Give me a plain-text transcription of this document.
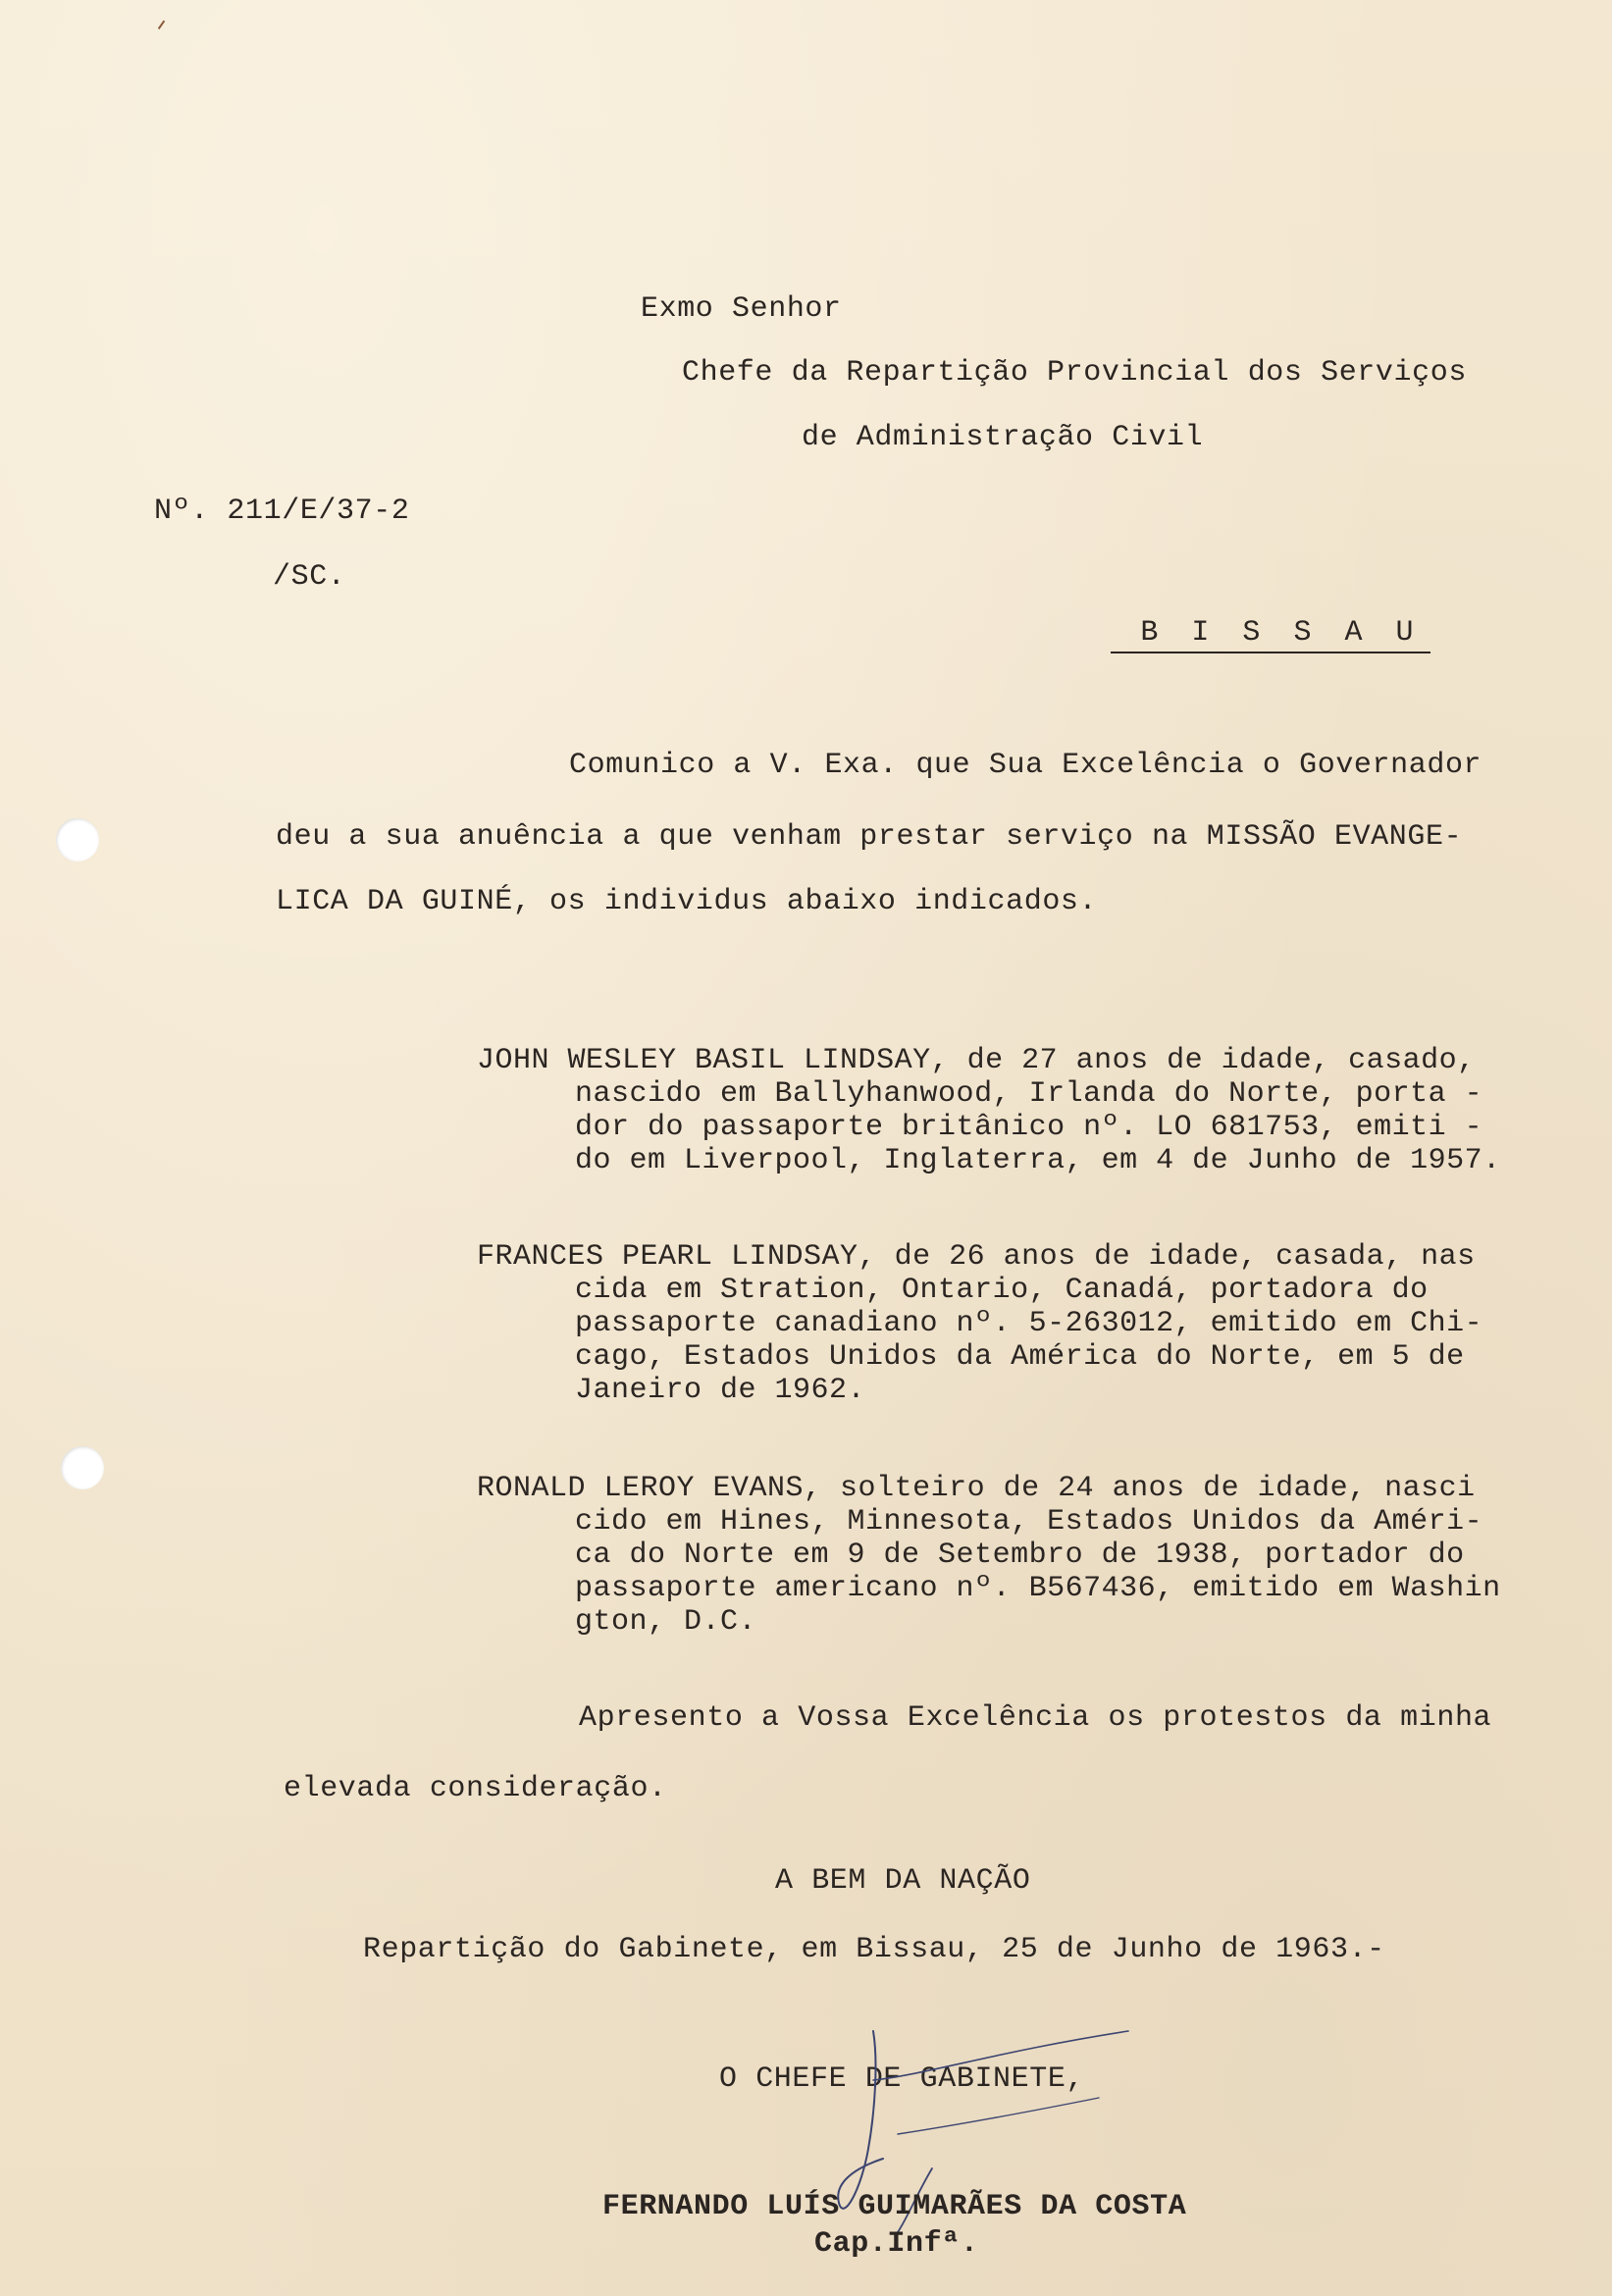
Exmo Senhor
Chefe da Repartição Provincial dos Serviços
de Administração Civil
Nº. 211/E/37-2
/SC.

B I S S A U

Comunico a V. Exa. que Sua Excelência o Governador
deu a sua anuência a que venham prestar serviço na MISSÃO EVANGE-
LICA DA GUINÉ, os individus abaixo indicados.
JOHN WESLEY BASIL LINDSAY, de 27 anos de idade, casado,
nascido em Ballyhanwood, Irlanda do Norte, porta -
dor do passaporte britânico nº. LO 681753, emiti -
do em Liverpool, Inglaterra, em 4 de Junho de 1957.
FRANCES PEARL LINDSAY, de 26 anos de idade, casada, nas
cida em Stration, Ontario, Canadá, portadora do
passaporte canadiano nº. 5-263012, emitido em Chi-
cago, Estados Unidos da América do Norte, em 5 de
Janeiro de 1962.
RONALD LEROY EVANS, solteiro de 24 anos de idade, nasci
cido em Hines, Minnesota, Estados Unidos da Améri-
ca do Norte em 9 de Setembro de 1938, portador do
passaporte americano nº. B567436, emitido em Washin
gton, D.C.
Apresento a Vossa Excelência os protestos da minha
elevada consideração.
A BEM DA NAÇÃO
Repartição do Gabinete, em Bissau, 25 de Junho de 1963.-
O CHEFE DE GABINETE,
FERNANDO LUÍS GUIMARÃES DA COSTA
Cap.Infª.
